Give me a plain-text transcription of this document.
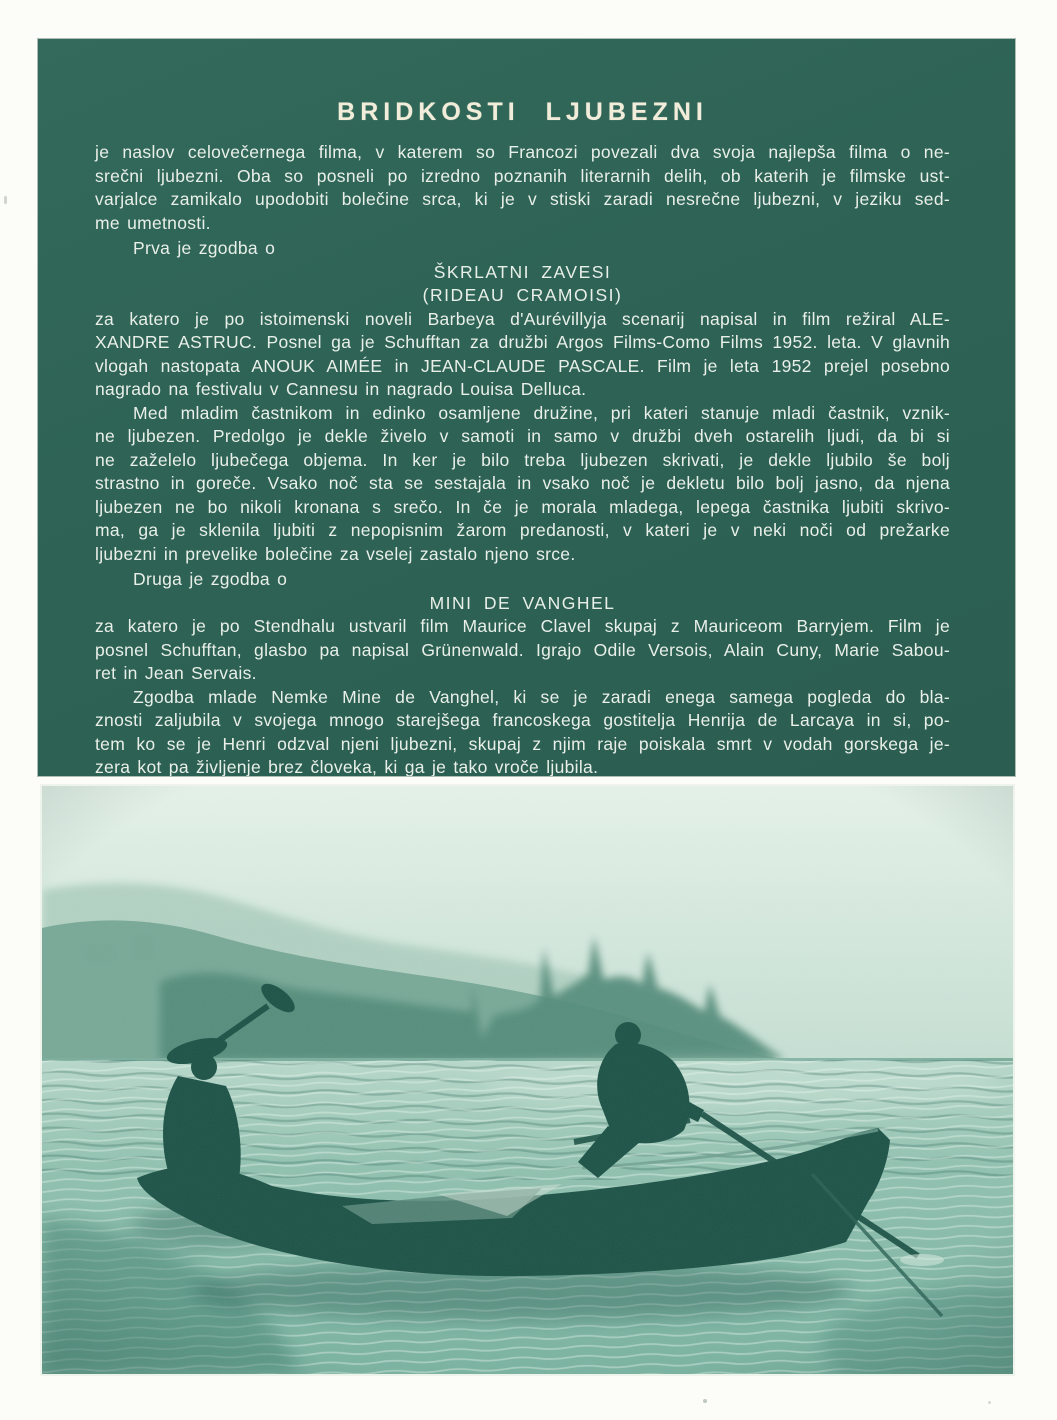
BRIDKOSTI LJUBEZNI
je naslov celovečernega filma, v katerem so Francozi povezali dva svoja najlepša filma o ne-
srečni ljubezni. Oba so posneli po izredno poznanih literarnih delih, ob katerih je filmske ust-
varjalce zamikalo upodobiti bolečine srca, ki je v stiski zaradi nesrečne ljubezni, v jeziku sed-
me umetnosti.
Prva je zgodba o
ŠKRLATNI ZAVESI
(RIDEAU CRAMOISI)
za katero je po istoimenski noveli Barbeya d'Aurévillyja scenarij napisal in film režiral ALE-
XANDRE ASTRUC. Posnel ga je Schufftan za družbi Argos Films-Como Films 1952. leta. V glavnih
vlogah nastopata ANOUK AIMÉE in JEAN-CLAUDE PASCALE. Film je leta 1952 prejel posebno
nagrado na festivalu v Cannesu in nagrado Louisa Delluca.
Med mladim častnikom in edinko osamljene družine, pri kateri stanuje mladi častnik, vznik-
ne ljubezen. Predolgo je dekle živelo v samoti in samo v družbi dveh ostarelih ljudi, da bi si
ne zaželelo ljubečega objema. In ker je bilo treba ljubezen skrivati, je dekle ljubilo še bolj
strastno in goreče. Vsako noč sta se sestajala in vsako noč je dekletu bilo bolj jasno, da njena
ljubezen ne bo nikoli kronana s srečo. In če je morala mladega, lepega častnika ljubiti skrivo-
ma, ga je sklenila ljubiti z nepopisnim žarom predanosti, v kateri je v neki noči od prežarke
ljubezni in prevelike bolečine za vselej zastalo njeno srce.
Druga je zgodba o
MINI DE VANGHEL
za katero je po Stendhalu ustvaril film Maurice Clavel skupaj z Mauriceom Barryjem. Film je
posnel Schufftan, glasbo pa napisal Grünenwald. Igrajo Odile Versois, Alain Cuny, Marie Sabou-
ret in Jean Servais.
Zgodba mlade Nemke Mine de Vanghel, ki se je zaradi enega samega pogleda do bla-
znosti zaljubila v svojega mnogo starejšega francoskega gostitelja Henrija de Larcaya in si, po-
tem ko se je Henri odzval njeni ljubezni, skupaj z njim raje poiskala smrt v vodah gorskega je-
zera kot pa življenje brez človeka, ki ga je tako vroče ljubila.
